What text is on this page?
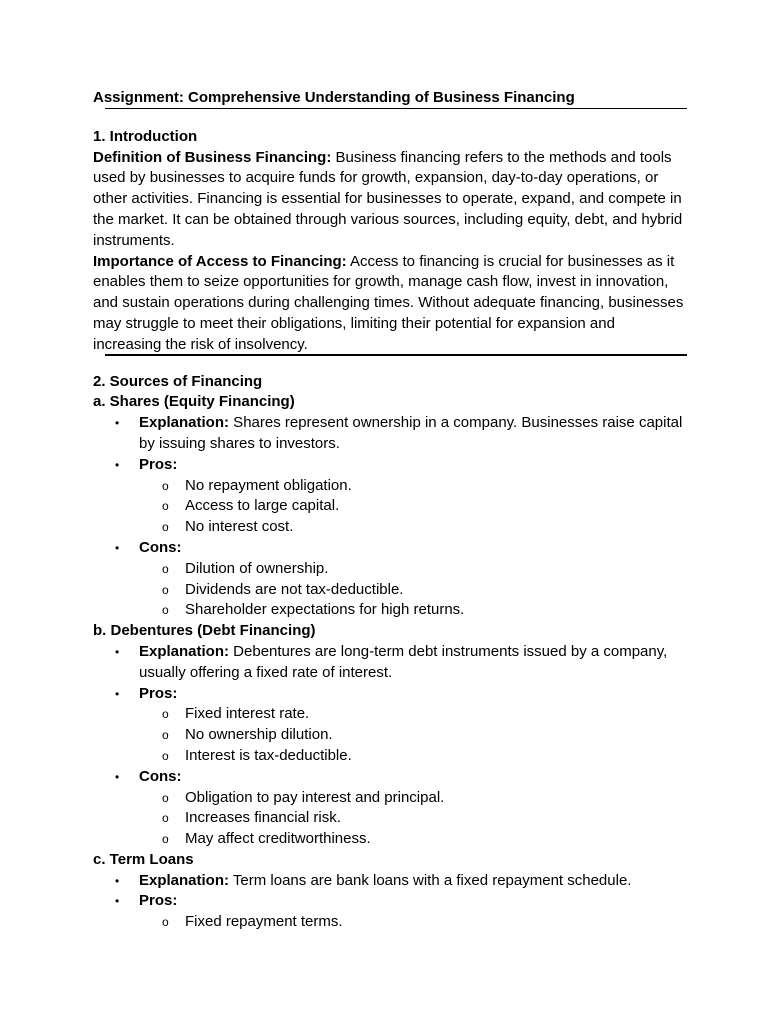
Assignment: Comprehensive Understanding of Business Financing
1. Introduction
Definition of Business Financing: Business financing refers to the methods and tools used by businesses to acquire funds for growth, expansion, day-to-day operations, or other activities. Financing is essential for businesses to operate, expand, and compete in the market. It can be obtained through various sources, including equity, debt, and hybrid instruments.
Importance of Access to Financing: Access to financing is crucial for businesses as it enables them to seize opportunities for growth, manage cash flow, invest in innovation, and sustain operations during challenging times. Without adequate financing, businesses may struggle to meet their obligations, limiting their potential for expansion and increasing the risk of insolvency.
2. Sources of Financing
a. Shares (Equity Financing)
• Explanation: Shares represent ownership in a company. Businesses raise capital by issuing shares to investors.
• Pros:
o No repayment obligation.
o Access to large capital.
o No interest cost.
• Cons:
o Dilution of ownership.
o Dividends are not tax-deductible.
o Shareholder expectations for high returns.
b. Debentures (Debt Financing)
• Explanation: Debentures are long-term debt instruments issued by a company, usually offering a fixed rate of interest.
• Pros:
o Fixed interest rate.
o No ownership dilution.
o Interest is tax-deductible.
• Cons:
o Obligation to pay interest and principal.
o Increases financial risk.
o May affect creditworthiness.
c. Term Loans
• Explanation: Term loans are bank loans with a fixed repayment schedule.
• Pros:
o Fixed repayment terms.
